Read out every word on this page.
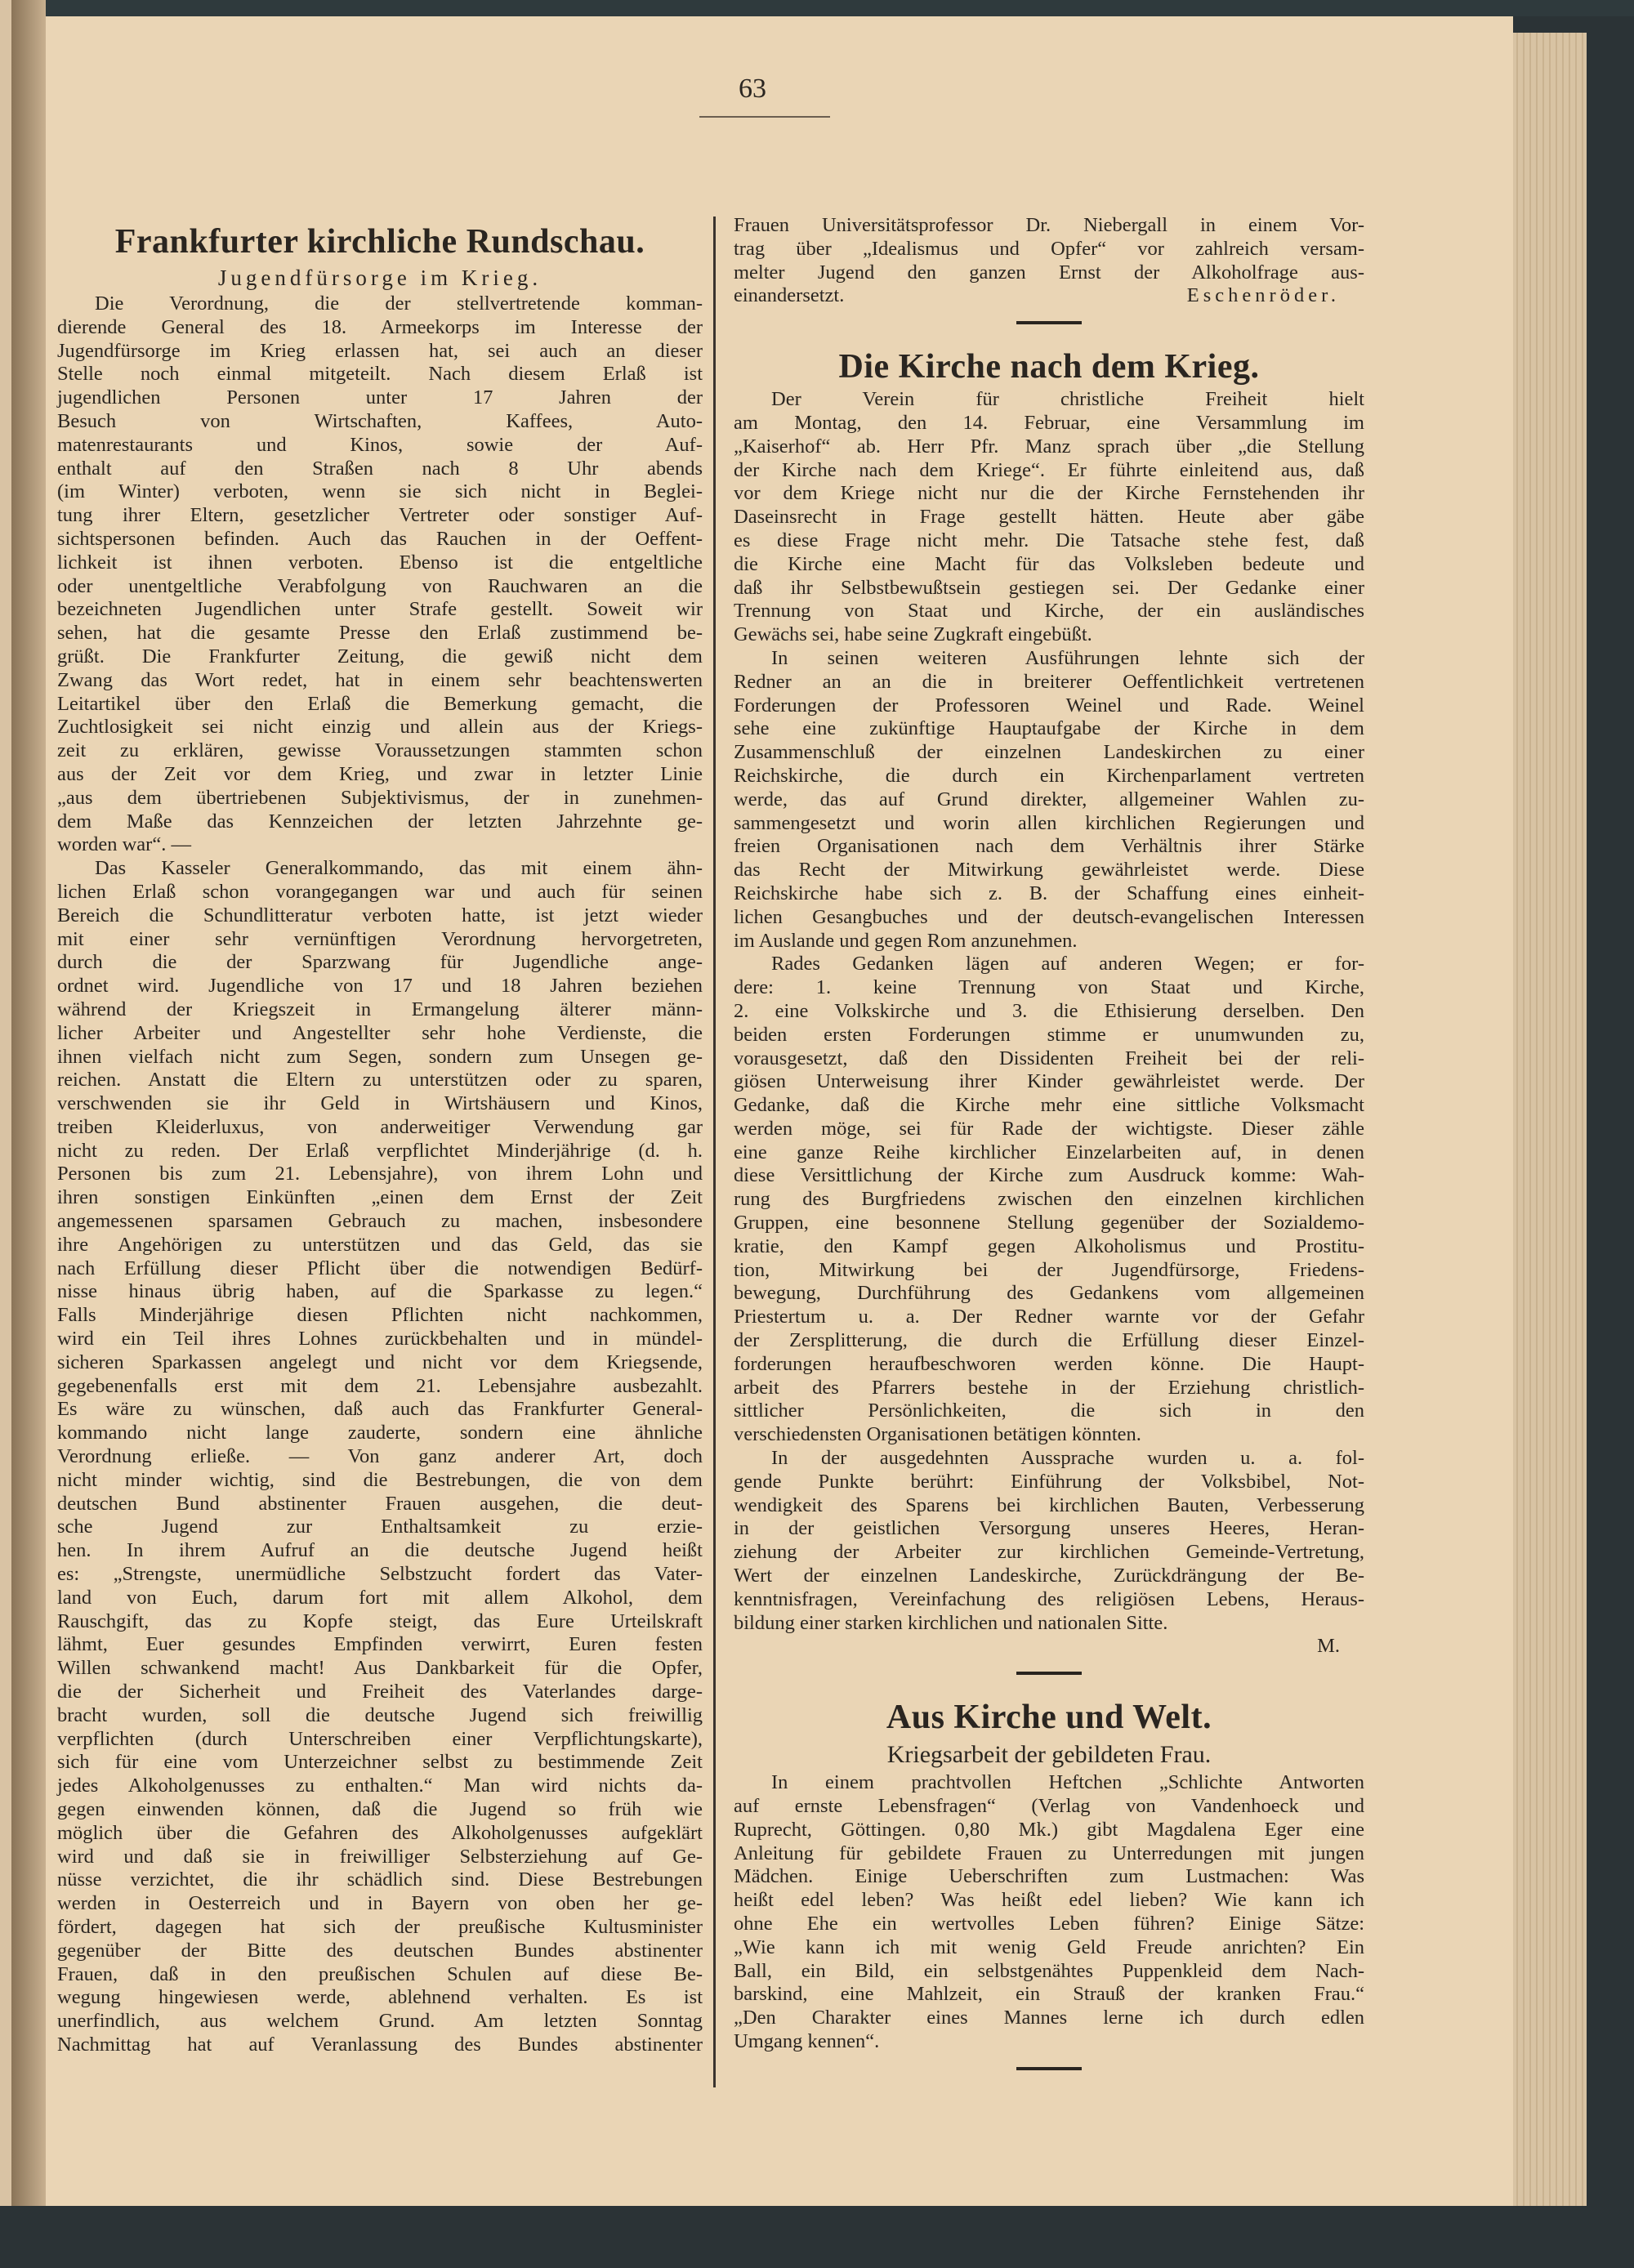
63
Frankfurter kirchliche Rundschau.
Jugendfürsorge im Krieg.
Die Verordnung, die der stellvertretende komman-
dierende General des 18. Armeekorps im Interesse der
Jugendfürsorge im Krieg erlassen hat, sei auch an dieser
Stelle noch einmal mitgeteilt. Nach diesem Erlaß ist
jugendlichen Personen unter 17 Jahren der
Besuch von Wirtschaften, Kaffees, Auto-
matenrestaurants und Kinos, sowie der Auf-
enthalt auf den Straßen nach 8 Uhr abends
(im Winter) verboten, wenn sie sich nicht in Beglei-
tung ihrer Eltern, gesetzlicher Vertreter oder sonstiger Auf-
sichtspersonen befinden. Auch das Rauchen in der Oeffent-
lichkeit ist ihnen verboten. Ebenso ist die entgeltliche
oder unentgeltliche Verabfolgung von Rauchwaren an die
bezeichneten Jugendlichen unter Strafe gestellt. Soweit wir
sehen, hat die gesamte Presse den Erlaß zustimmend be-
grüßt. Die Frankfurter Zeitung, die gewiß nicht dem
Zwang das Wort redet, hat in einem sehr beachtenswerten
Leitartikel über den Erlaß die Bemerkung gemacht, die
Zuchtlosigkeit sei nicht einzig und allein aus der Kriegs-
zeit zu erklären, gewisse Voraussetzungen stammten schon
aus der Zeit vor dem Krieg, und zwar in letzter Linie
„aus dem übertriebenen Subjektivismus, der in zunehmen-
dem Maße das Kennzeichen der letzten Jahrzehnte ge-
worden war“. —
Das Kasseler Generalkommando, das mit einem ähn-
lichen Erlaß schon vorangegangen war und auch für seinen
Bereich die Schundlitteratur verboten hatte, ist jetzt wieder
mit einer sehr vernünftigen Verordnung hervorgetreten,
durch die der Sparzwang für Jugendliche ange-
ordnet wird. Jugendliche von 17 und 18 Jahren beziehen
während der Kriegszeit in Ermangelung älterer männ-
licher Arbeiter und Angestellter sehr hohe Verdienste, die
ihnen vielfach nicht zum Segen, sondern zum Unsegen ge-
reichen. Anstatt die Eltern zu unterstützen oder zu sparen,
verschwenden sie ihr Geld in Wirtshäusern und Kinos,
treiben Kleiderluxus, von anderweitiger Verwendung gar
nicht zu reden. Der Erlaß verpflichtet Minderjährige (d. h.
Personen bis zum 21. Lebensjahre), von ihrem Lohn und
ihren sonstigen Einkünften „einen dem Ernst der Zeit
angemessenen sparsamen Gebrauch zu machen, insbesondere
ihre Angehörigen zu unterstützen und das Geld, das sie
nach Erfüllung dieser Pflicht über die notwendigen Bedürf-
nisse hinaus übrig haben, auf die Sparkasse zu legen.“
Falls Minderjährige diesen Pflichten nicht nachkommen,
wird ein Teil ihres Lohnes zurückbehalten und in mündel-
sicheren Sparkassen angelegt und nicht vor dem Kriegsende,
gegebenenfalls erst mit dem 21. Lebensjahre ausbezahlt.
Es wäre zu wünschen, daß auch das Frankfurter General-
kommando nicht lange zauderte, sondern eine ähnliche
Verordnung erließe. — Von ganz anderer Art, doch
nicht minder wichtig, sind die Bestrebungen, die von dem
deutschen Bund abstinenter Frauen ausgehen, die deut-
sche Jugend zur Enthaltsamkeit zu erzie-
hen. In ihrem Aufruf an die deutsche Jugend heißt
es: „Strengste, unermüdliche Selbstzucht fordert das Vater-
land von Euch, darum fort mit allem Alkohol, dem
Rauschgift, das zu Kopfe steigt, das Eure Urteilskraft
lähmt, Euer gesundes Empfinden verwirrt, Euren festen
Willen schwankend macht! Aus Dankbarkeit für die Opfer,
die der Sicherheit und Freiheit des Vaterlandes darge-
bracht wurden, soll die deutsche Jugend sich freiwillig
verpflichten (durch Unterschreiben einer Verpflichtungskarte),
sich für eine vom Unterzeichner selbst zu bestimmende Zeit
jedes Alkoholgenusses zu enthalten.“ Man wird nichts da-
gegen einwenden können, daß die Jugend so früh wie
möglich über die Gefahren des Alkoholgenusses aufgeklärt
wird und daß sie in freiwilliger Selbsterziehung auf Ge-
nüsse verzichtet, die ihr schädlich sind. Diese Bestrebungen
werden in Oesterreich und in Bayern von oben her ge-
fördert, dagegen hat sich der preußische Kultusminister
gegenüber der Bitte des deutschen Bundes abstinenter
Frauen, daß in den preußischen Schulen auf diese Be-
wegung hingewiesen werde, ablehnend verhalten. Es ist
unerfindlich, aus welchem Grund. Am letzten Sonntag
Nachmittag hat auf Veranlassung des Bundes abstinenter
Frauen Universitätsprofessor Dr. Niebergall in einem Vor-
trag über „Idealismus und Opfer“ vor zahlreich versam-
melter Jugend den ganzen Ernst der Alkoholfrage aus-
einandersetzt.	Eschenröder.
Die Kirche nach dem Krieg.
Der Verein für christliche Freiheit hielt
am Montag, den 14. Februar, eine Versammlung im
„Kaiserhof“ ab. Herr Pfr. Manz sprach über „die Stellung
der Kirche nach dem Kriege“. Er führte einleitend aus, daß
vor dem Kriege nicht nur die der Kirche Fernstehenden ihr
Daseinsrecht in Frage gestellt hätten. Heute aber gäbe
es diese Frage nicht mehr. Die Tatsache stehe fest, daß
die Kirche eine Macht für das Volksleben bedeute und
daß ihr Selbstbewußtsein gestiegen sei. Der Gedanke einer
Trennung von Staat und Kirche, der ein ausländisches
Gewächs sei, habe seine Zugkraft eingebüßt.
In seinen weiteren Ausführungen lehnte sich der
Redner an an die in breiterer Oeffentlichkeit vertretenen
Forderungen der Professoren Weinel und Rade. Weinel
sehe eine zukünftige Hauptaufgabe der Kirche in dem
Zusammenschluß der einzelnen Landeskirchen zu einer
Reichskirche, die durch ein Kirchenparlament vertreten
werde, das auf Grund direkter, allgemeiner Wahlen zu-
sammengesetzt und worin allen kirchlichen Regierungen und
freien Organisationen nach dem Verhältnis ihrer Stärke
das Recht der Mitwirkung gewährleistet werde. Diese
Reichskirche habe sich z. B. der Schaffung eines einheit-
lichen Gesangbuches und der deutsch-evangelischen Interessen
im Auslande und gegen Rom anzunehmen.
Rades Gedanken lägen auf anderen Wegen; er for-
dere: 1. keine Trennung von Staat und Kirche,
2. eine Volkskirche und 3. die Ethisierung derselben. Den
beiden ersten Forderungen stimme er unumwunden zu,
vorausgesetzt, daß den Dissidenten Freiheit bei der reli-
giösen Unterweisung ihrer Kinder gewährleistet werde. Der
Gedanke, daß die Kirche mehr eine sittliche Volksmacht
werden möge, sei für Rade der wichtigste. Dieser zähle
eine ganze Reihe kirchlicher Einzelarbeiten auf, in denen
diese Versittlichung der Kirche zum Ausdruck komme: Wah-
rung des Burgfriedens zwischen den einzelnen kirchlichen
Gruppen, eine besonnene Stellung gegenüber der Sozialdemo-
kratie, den Kampf gegen Alkoholismus und Prostitu-
tion, Mitwirkung bei der Jugendfürsorge, Friedens-
bewegung, Durchführung des Gedankens vom allgemeinen
Priestertum u. a. Der Redner warnte vor der Gefahr
der Zersplitterung, die durch die Erfüllung dieser Einzel-
forderungen heraufbeschworen werden könne. Die Haupt-
arbeit des Pfarrers bestehe in der Erziehung christlich-
sittlicher Persönlichkeiten, die sich in den
verschiedensten Organisationen betätigen könnten.
In der ausgedehnten Aussprache wurden u. a. fol-
gende Punkte berührt: Einführung der Volksbibel, Not-
wendigkeit des Sparens bei kirchlichen Bauten, Verbesserung
in der geistlichen Versorgung unseres Heeres, Heran-
ziehung der Arbeiter zur kirchlichen Gemeinde-Vertretung,
Wert der einzelnen Landeskirche, Zurückdrängung der Be-
kenntnisfragen, Vereinfachung des religiösen Lebens, Heraus-
bildung einer starken kirchlichen und nationalen Sitte.
M.
Aus Kirche und Welt.
Kriegsarbeit der gebildeten Frau.
In einem prachtvollen Heftchen „Schlichte Antworten
auf ernste Lebensfragen“ (Verlag von Vandenhoeck und
Ruprecht, Göttingen. 0,80 Mk.) gibt Magdalena Eger eine
Anleitung für gebildete Frauen zu Unterredungen mit jungen
Mädchen. Einige Ueberschriften zum Lustmachen: Was
heißt edel leben? Was heißt edel lieben? Wie kann ich
ohne Ehe ein wertvolles Leben führen? Einige Sätze:
„Wie kann ich mit wenig Geld Freude anrichten? Ein
Ball, ein Bild, ein selbstgenähtes Puppenkleid dem Nach-
barskind, eine Mahlzeit, ein Strauß der kranken Frau.“
„Den Charakter eines Mannes lerne ich durch edlen
Umgang kennen“.
